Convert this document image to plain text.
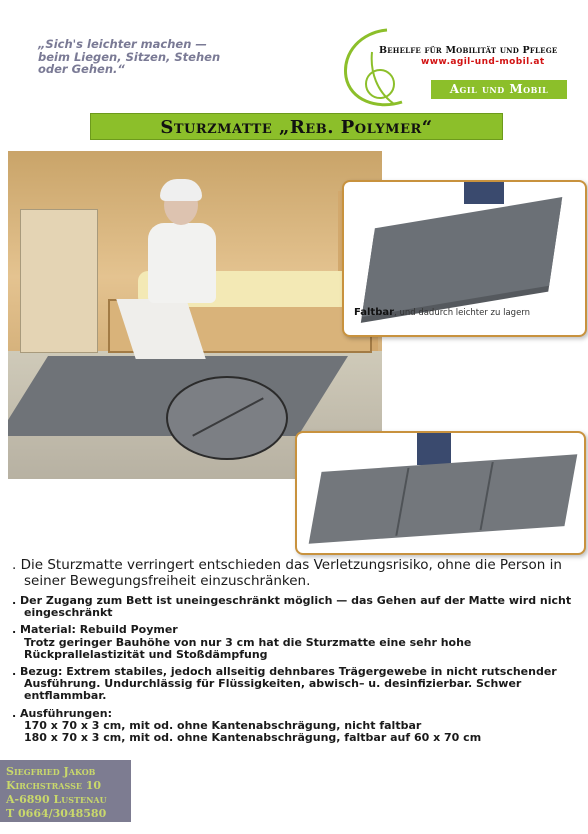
„Sich's leichter machen —
beim Liegen, Sitzen, Stehen
oder Gehen.“
Behelfe für Mobilität und Pflege
www.agil-und-mobil.at
Agil und Mobil
Sturzmatte „Reb. Polymer“
Faltbar, und dadurch leichter zu lagern

. Die Sturzmatte verringert entschieden das Verletzungsrisiko, ohne die Person in seiner Bewegungsfreiheit einzuschränken.

. Der Zugang zum Bett ist uneingeschränkt möglich — das Gehen auf der Matte wird nicht eingeschränkt

. Material: Rebuild Poymer
Trotz geringer Bauhöhe von nur 3 cm hat die Sturzmatte eine sehr hohe Rückprallelastizität und Stoßdämpfung

. Bezug: Extrem stabiles, jedoch allseitig dehnbares Trägergewebe in nicht rutschender Ausführung. Undurchlässig für Flüssigkeiten, abwisch– u. desinfizierbar. Schwer entflammbar.

. Ausführungen:
170 x 70 x 3 cm, mit od. ohne Kantenabschrägung, nicht faltbar
180 x 70 x 3 cm, mit od. ohne Kantenabschrägung, faltbar auf 60 x 70 cm

Siegfried Jakob
Kirchstraße 10
A-6890 Lustenau
T 0664/3048580
